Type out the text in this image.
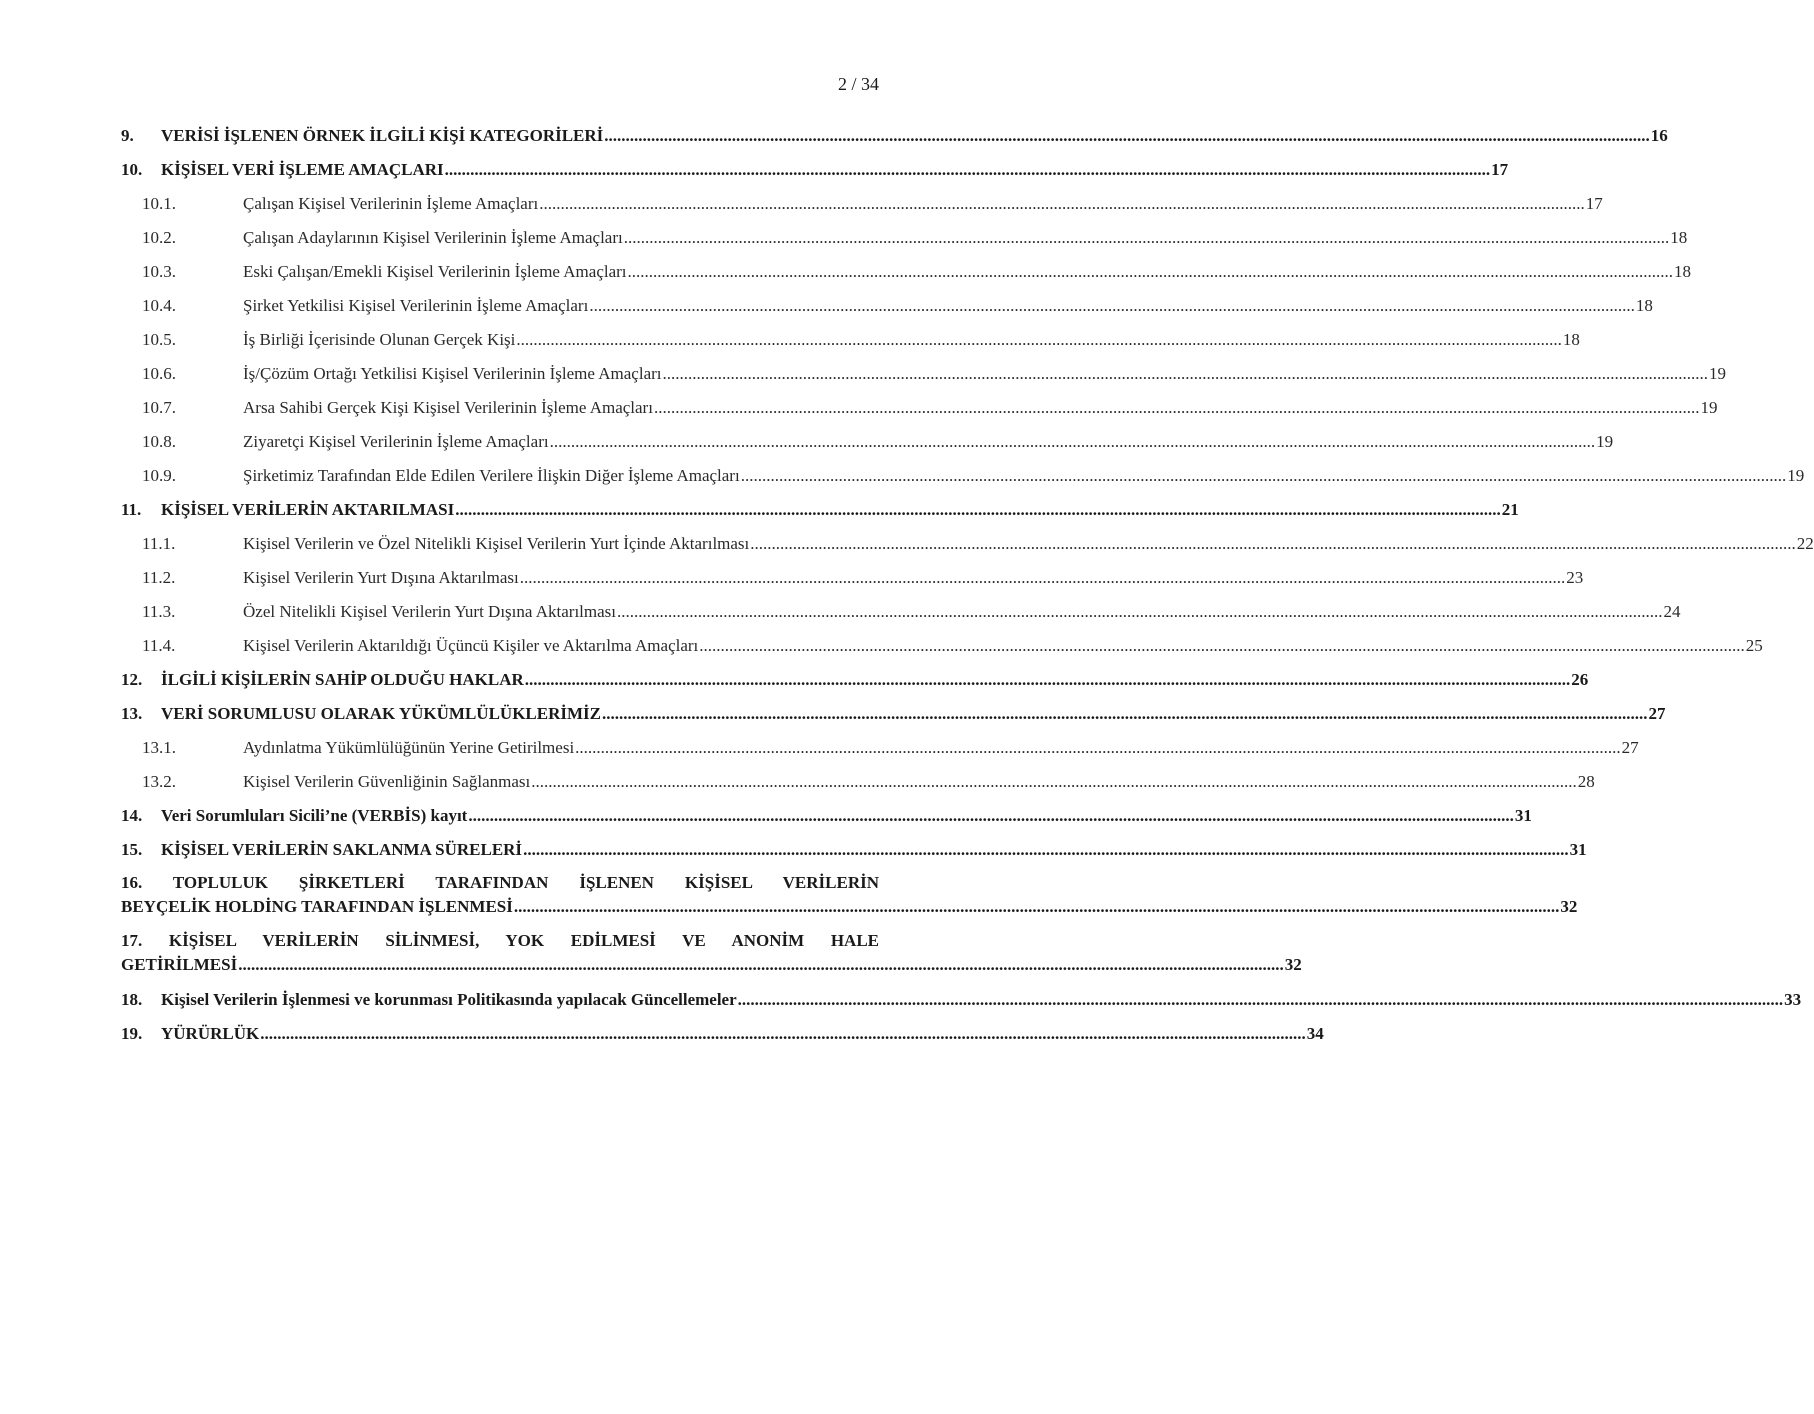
2 / 34
9.	VERİSİ İŞLENEN ÖRNEK İLGİLİ KİŞİ KATEGORİLERİ .....	16
10.	KİŞİSEL VERİ İŞLEME AMAÇLARI .....	17
10.1.	Çalışan Kişisel Verilerinin İşleme Amaçları .....	17
10.2.	Çalışan Adaylarının Kişisel Verilerinin İşleme Amaçları .....	18
10.3.	Eski Çalışan/Emekli Kişisel Verilerinin İşleme Amaçları .....	18
10.4.	Şirket Yetkilisi Kişisel Verilerinin İşleme Amaçları .....	18
10.5.	İş Birliği İçerisinde Olunan Gerçek Kişi .....	18
10.6.	İş/Çözüm Ortağı Yetkilisi Kişisel Verilerinin İşleme Amaçları .....	19
10.7.	Arsa Sahibi Gerçek Kişi Kişisel Verilerinin İşleme Amaçları .....	19
10.8.	Ziyaretçi Kişisel Verilerinin İşleme Amaçları .....	19
10.9.	Şirketimiz Tarafından Elde Edilen Verilere İlişkin Diğer İşleme Amaçları .....	19
11.	KİŞİSEL VERİLERİN AKTARILMASI .....	21
11.1.	Kişisel Verilerin ve Özel Nitelikli Kişisel Verilerin Yurt İçinde Aktarılması .....	22
11.2.	Kişisel Verilerin Yurt Dışına Aktarılması .....	23
11.3.	Özel Nitelikli Kişisel Verilerin Yurt Dışına Aktarılması .....	24
11.4.	Kişisel Verilerin Aktarıldığı Üçüncü Kişiler ve Aktarılma Amaçları .....	25
12.	İLGİLİ KİŞİLERİN SAHİP OLDUĞU HAKLAR .....	26
13.	VERİ SORUMLUSU OLARAK YÜKÜMLÜLÜKLERİMİZ .....	27
13.1.	Aydınlatma Yükümlülüğünün Yerine Getirilmesi .....	27
13.2.	Kişisel Verilerin Güvenliğinin Sağlanması .....	28
14.	Veri Sorumluları Sicili’ne (VERBİS) kayıt .....	31
15.	KİŞİSEL VERİLERİN SAKLANMA SÜRELERİ .....	31
16. TOPLULUK ŞİRKETLERİ TARAFINDAN İŞLENEN KİŞİSEL VERİLERİN
BEYÇELİK HOLDİNG TARAFINDAN İŞLENMESİ .....	32
17. KİŞİSEL VERİLERİN SİLİNMESİ, YOK EDİLMESİ VE ANONİM HALE
GETİRİLMESİ .....	32
18.	Kişisel Verilerin İşlenmesi ve korunması Politikasında yapılacak Güncellemeler .....	33
19.	YÜRÜRLÜK .....	34
